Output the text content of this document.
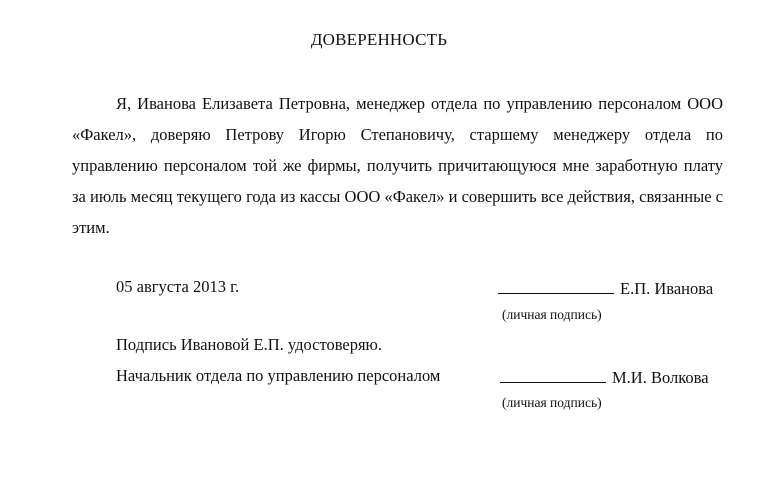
ДОВЕРЕННОСТЬ

Я, Иванова Елизавета Петровна, менеджер отдела по управлению персоналом ООО «Факел», доверяю Петрову Игорю Степановичу, старшему менеджеру отдела по управлению персоналом той же фирмы, получить причитающуюся мне заработную плату за июль месяц текущего года из кассы ООО «Факел» и совершить все действия, связанные с этим.

05 августа 2013 г.	Е.П. Иванова
(личная подпись)
Подпись Ивановой Е.П. удостоверяю.
Начальник отдела по управлению персоналом	М.И. Волкова
(личная подпись)
